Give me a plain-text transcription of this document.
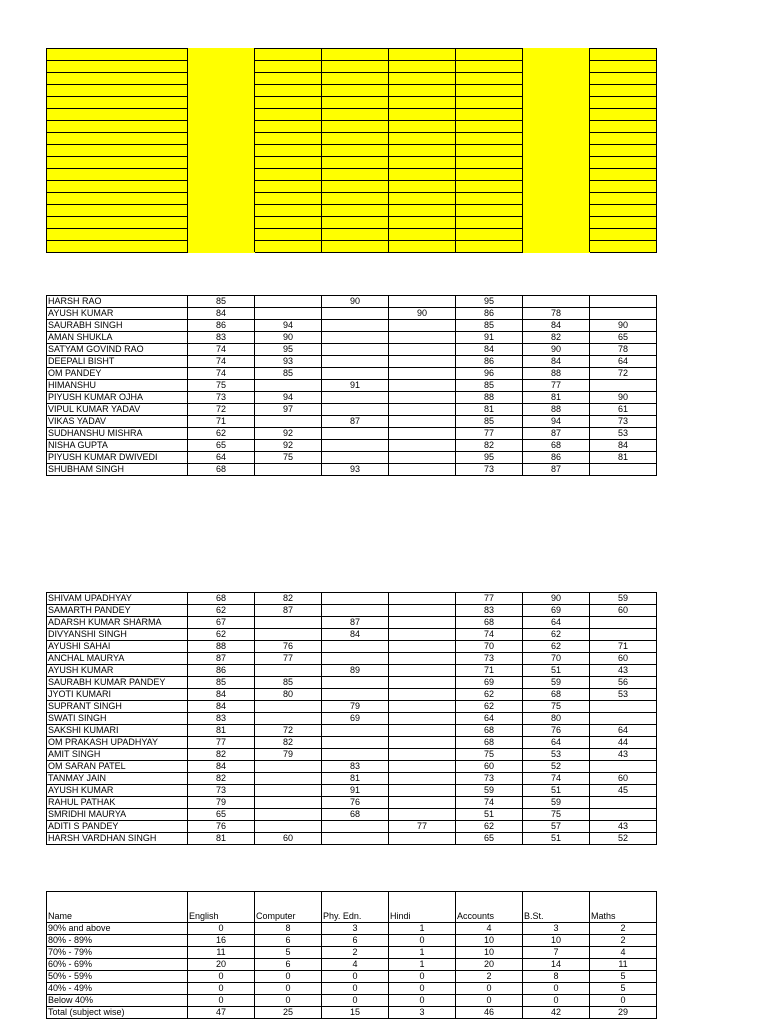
HARSH RAO	85		90		95		
AYUSH KUMAR	84			90	86	78	
SAURABH SINGH	86	94			85	84	90
AMAN SHUKLA	83	90			91	82	65
SATYAM GOVIND RAO	74	95			84	90	78
DEEPALI BISHT	74	93			86	84	64
OM PANDEY	74	85			96	88	72
HIMANSHU	75		91		85	77	
PIYUSH KUMAR OJHA	73	94			88	81	90
VIPUL KUMAR YADAV	72	97			81	88	61
VIKAS YADAV	71		87		85	94	73
SUDHANSHU MISHRA	62	92			77	87	53
NISHA GUPTA	65	92			82	68	84
PIYUSH KUMAR DWIVEDI	64	75			95	86	81
SHUBHAM SINGH	68		93		73	87	
SHIVAM UPADHYAY	68	82			77	90	59
SAMARTH PANDEY	62	87			83	69	60
ADARSH KUMAR SHARMA	67		87		68	64	
DIVYANSHI SINGH	62		84		74	62	
AYUSHI SAHAI	88	76			70	62	71
ANCHAL MAURYA	87	77			73	70	60
AYUSH KUMAR	86		89		71	51	43
SAURABH KUMAR PANDEY	85	85			69	59	56
JYOTI KUMARI	84	80			62	68	53
SUPRANT SINGH	84		79		62	75	
SWATI SINGH	83		69		64	80	
SAKSHI KUMARI	81	72			68	76	64
OM PRAKASH UPADHYAY	77	82			68	64	44
AMIT SINGH	82	79			75	53	43
OM SARAN PATEL	84		83		60	52	
TANMAY JAIN	82		81		73	74	60
AYUSH KUMAR	73		91		59	51	45
RAHUL PATHAK	79		76		74	59	
SMRIDHI MAURYA	65		68		51	75	
ADITI S PANDEY	76			77	62	57	43
HARSH VARDHAN SINGH	81	60			65	51	52
Name	English	Computer	Phy. Edn.	Hindi	Accounts	B.St.	Maths
90% and above	0	8	3	1	4	3	2
80% - 89%	16	6	6	0	10	10	2
70% - 79%	11	5	2	1	10	7	4
60% - 69%	20	6	4	1	20	14	11
50% - 59%	0	0	0	0	2	8	5
40% - 49%	0	0	0	0	0	0	5
Below 40%	0	0	0	0	0	0	0
Total (subject wise)	47	25	15	3	46	42	29
